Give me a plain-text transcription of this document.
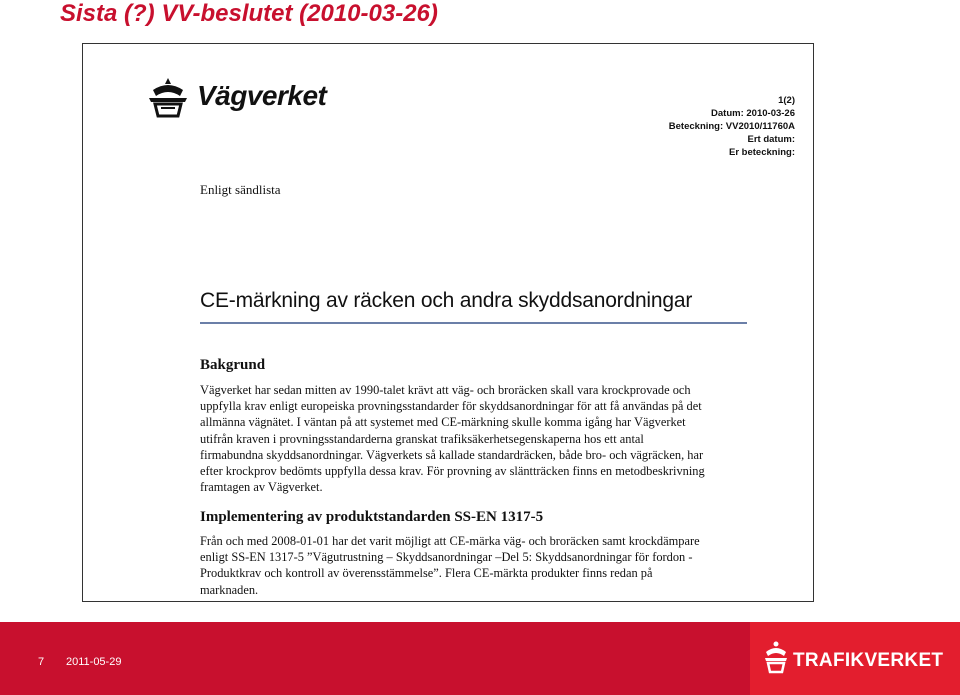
Sista (?) VV-beslutet (2010-03-26)
Vägverket	1(2)
Datum: 2010-03-26
Beteckning: VV2010/11760A
Ert datum:
Er beteckning:
Enligt sändlista
CE-märkning av räcken och andra skyddsanordningar
Bakgrund
Vägverket har sedan mitten av 1990-talet krävt att väg- och broräcken skall vara krockprovade och
uppfylla krav enligt europeiska provningsstandarder för skyddsanordningar för att få användas på det
allmänna vägnätet. I väntan på att systemet med CE-märkning skulle komma igång har Vägverket
utifrån kraven i provningsstandarderna granskat trafiksäkerhetsegenskaperna hos ett antal
firmabundna skyddsanordningar. Vägverkets så kallade standardräcken, både bro- och vägräcken, har
efter krockprov bedömts uppfylla dessa krav. För provning av släntträcken finns en metodbeskrivning
framtagen av Vägverket.
Implementering av produktstandarden SS-EN 1317-5
Från och med 2008-01-01 har det varit möjligt att CE-märka väg- och broräcken samt krockdämpare
enligt SS-EN 1317-5 ”Vägutrustning – Skyddsanordningar –Del 5: Skyddsanordningar för fordon -
Produktkrav och kontroll av överensstämmelse”. Flera CE-märkta produkter finns redan på
marknaden.
7 2011-05-29	TRAFIKVERKET
